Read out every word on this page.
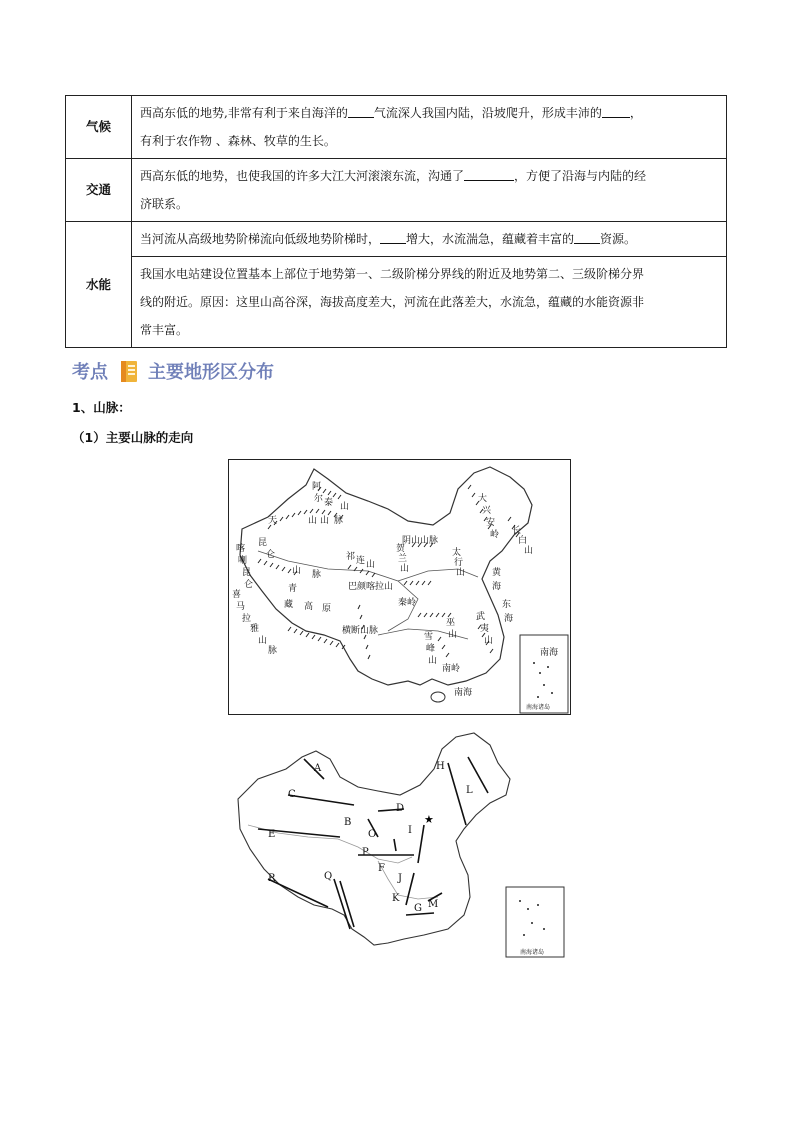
气候	西高东低的地势,非常有利于来自海洋的 气流深人我国内陆，沿坡爬升，形成丰沛的 ，
有利于农作物 、森林、牧草的生长。
交通	西高东低的地势，也使我国的许多大江大河滚滚东流，沟通了 ，方便了沿海与内陆的经
济联系。
水能	当河流从高级地势阶梯流向低级地势阶梯时， 增大，水流湍急，蕴藏着丰富的 资源。
	我国水电站建设位置基本上部位于地势第一、二级阶梯分界线的附近及地势第二、三级阶梯分界
线的附近。原因：这里山高谷深，海拔高度差大，河流在此落差大，水流急，蕴藏的水能资源非
常丰富。
考点 主要地形区分布
1、山脉：
（1）主要山脉的走向
阿
尔 泰 山
天	山 山 脉
昆
仑
山 脉
喀
喇
昆
仑
祁 连 山
阴山山脉
贺
兰
山
大
兴
安
岭 长
白
山
太
行
山
巴颜喀拉山
秦岭
青
藏 高 原
横断山脉
喜
马
拉
雅
山
脉
巫
山
雪
峰
山
南岭
武
夷
山
黄
海
东
海
南海
南海
南海诸岛
★
A
B
C
D
E
F
G
H
I
J
K
L
M
O
P
Q
R
南海诸岛
